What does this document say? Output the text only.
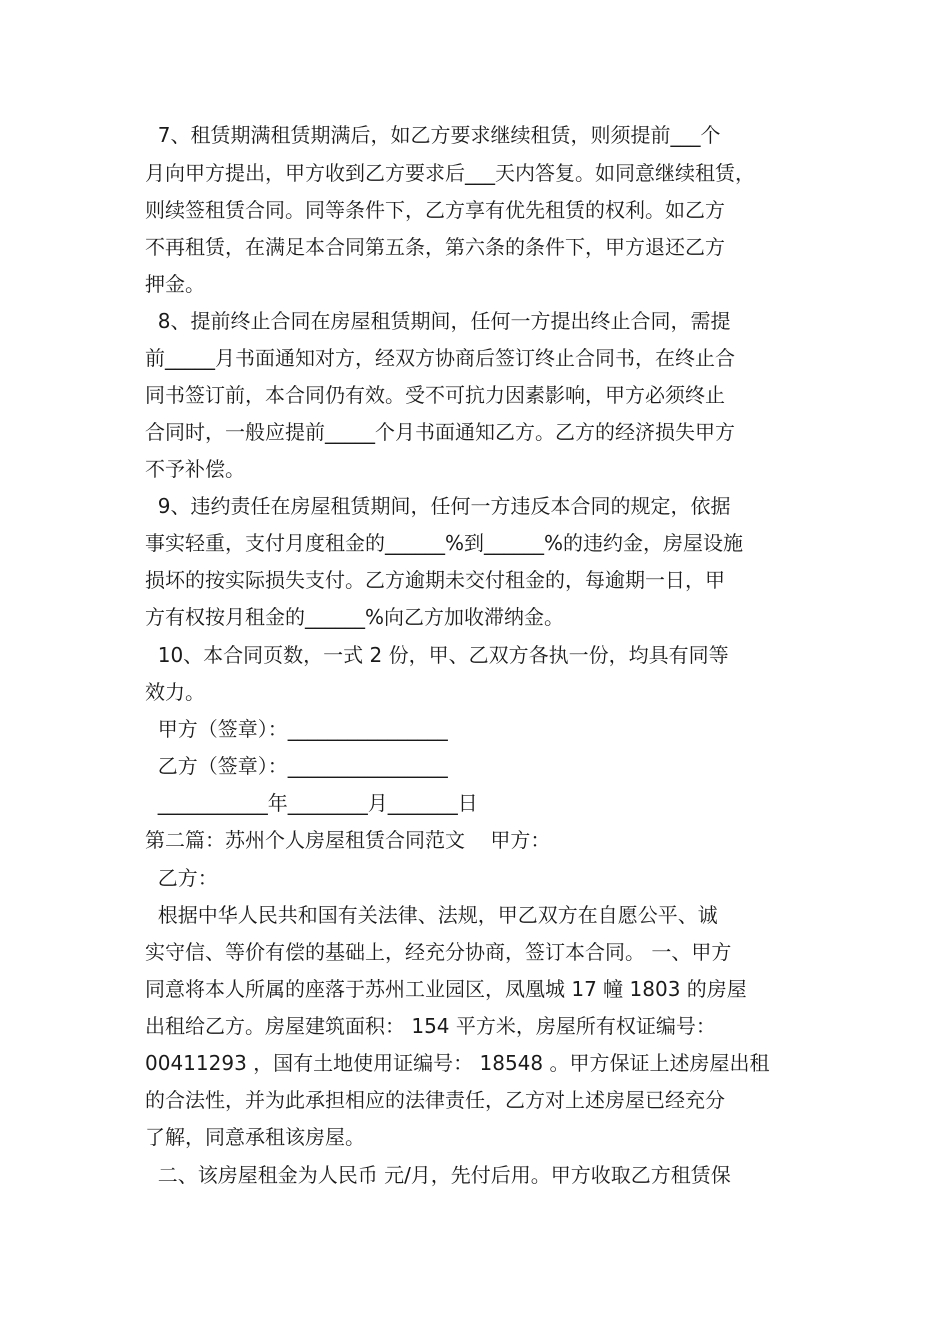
7、租赁期满租赁期满后，如乙方要求继续租赁，则须提前___个
月向甲方提出，甲方收到乙方要求后___天内答复。如同意继续租赁，
则续签租赁合同。同等条件下，乙方享有优先租赁的权利。如乙方
不再租赁，在满足本合同第五条，第六条的条件下，甲方退还乙方
押金。
8、提前终止合同在房屋租赁期间，任何一方提出终止合同，需提
前_____月书面通知对方，经双方协商后签订终止合同书，在终止合
同书签订前，本合同仍有效。受不可抗力因素影响，甲方必须终止
合同时，一般应提前_____个月书面通知乙方。乙方的经济损失甲方
不予补偿。
9、违约责任在房屋租赁期间，任何一方违反本合同的规定，依据
事实轻重，支付月度租金的______%到______%的违约金，房屋设施
损坏的按实际损失支付。乙方逾期未交付租金的，每逾期一日，甲
方有权按月租金的______%向乙方加收滞纳金。
10、本合同页数，一式 2 份，甲、乙双方各执一份，均具有同等
效力。
甲方（签章）：________________
乙方（签章）：________________
___________年________月_______日
第二篇：苏州个人房屋租赁合同范文    甲方：
乙方：
根据中华人民共和国有关法律、法规，甲乙双方在自愿公平、诚
实守信、等价有偿的基础上，经充分协商，签订本合同。 一、甲方
同意将本人所属的座落于苏州工业园区，凤凰城 17 幢 1803 的房屋
出租给乙方。房屋建筑面积： 154 平方米，房屋所有权证编号：
00411293 ，国有土地使用证编号： 18548 。甲方保证上述房屋出租
的合法性，并为此承担相应的法律责任，乙方对上述房屋已经充分
了解，同意承租该房屋。
二、该房屋租金为人民币 元/月，先付后用。甲方收取乙方租赁保
